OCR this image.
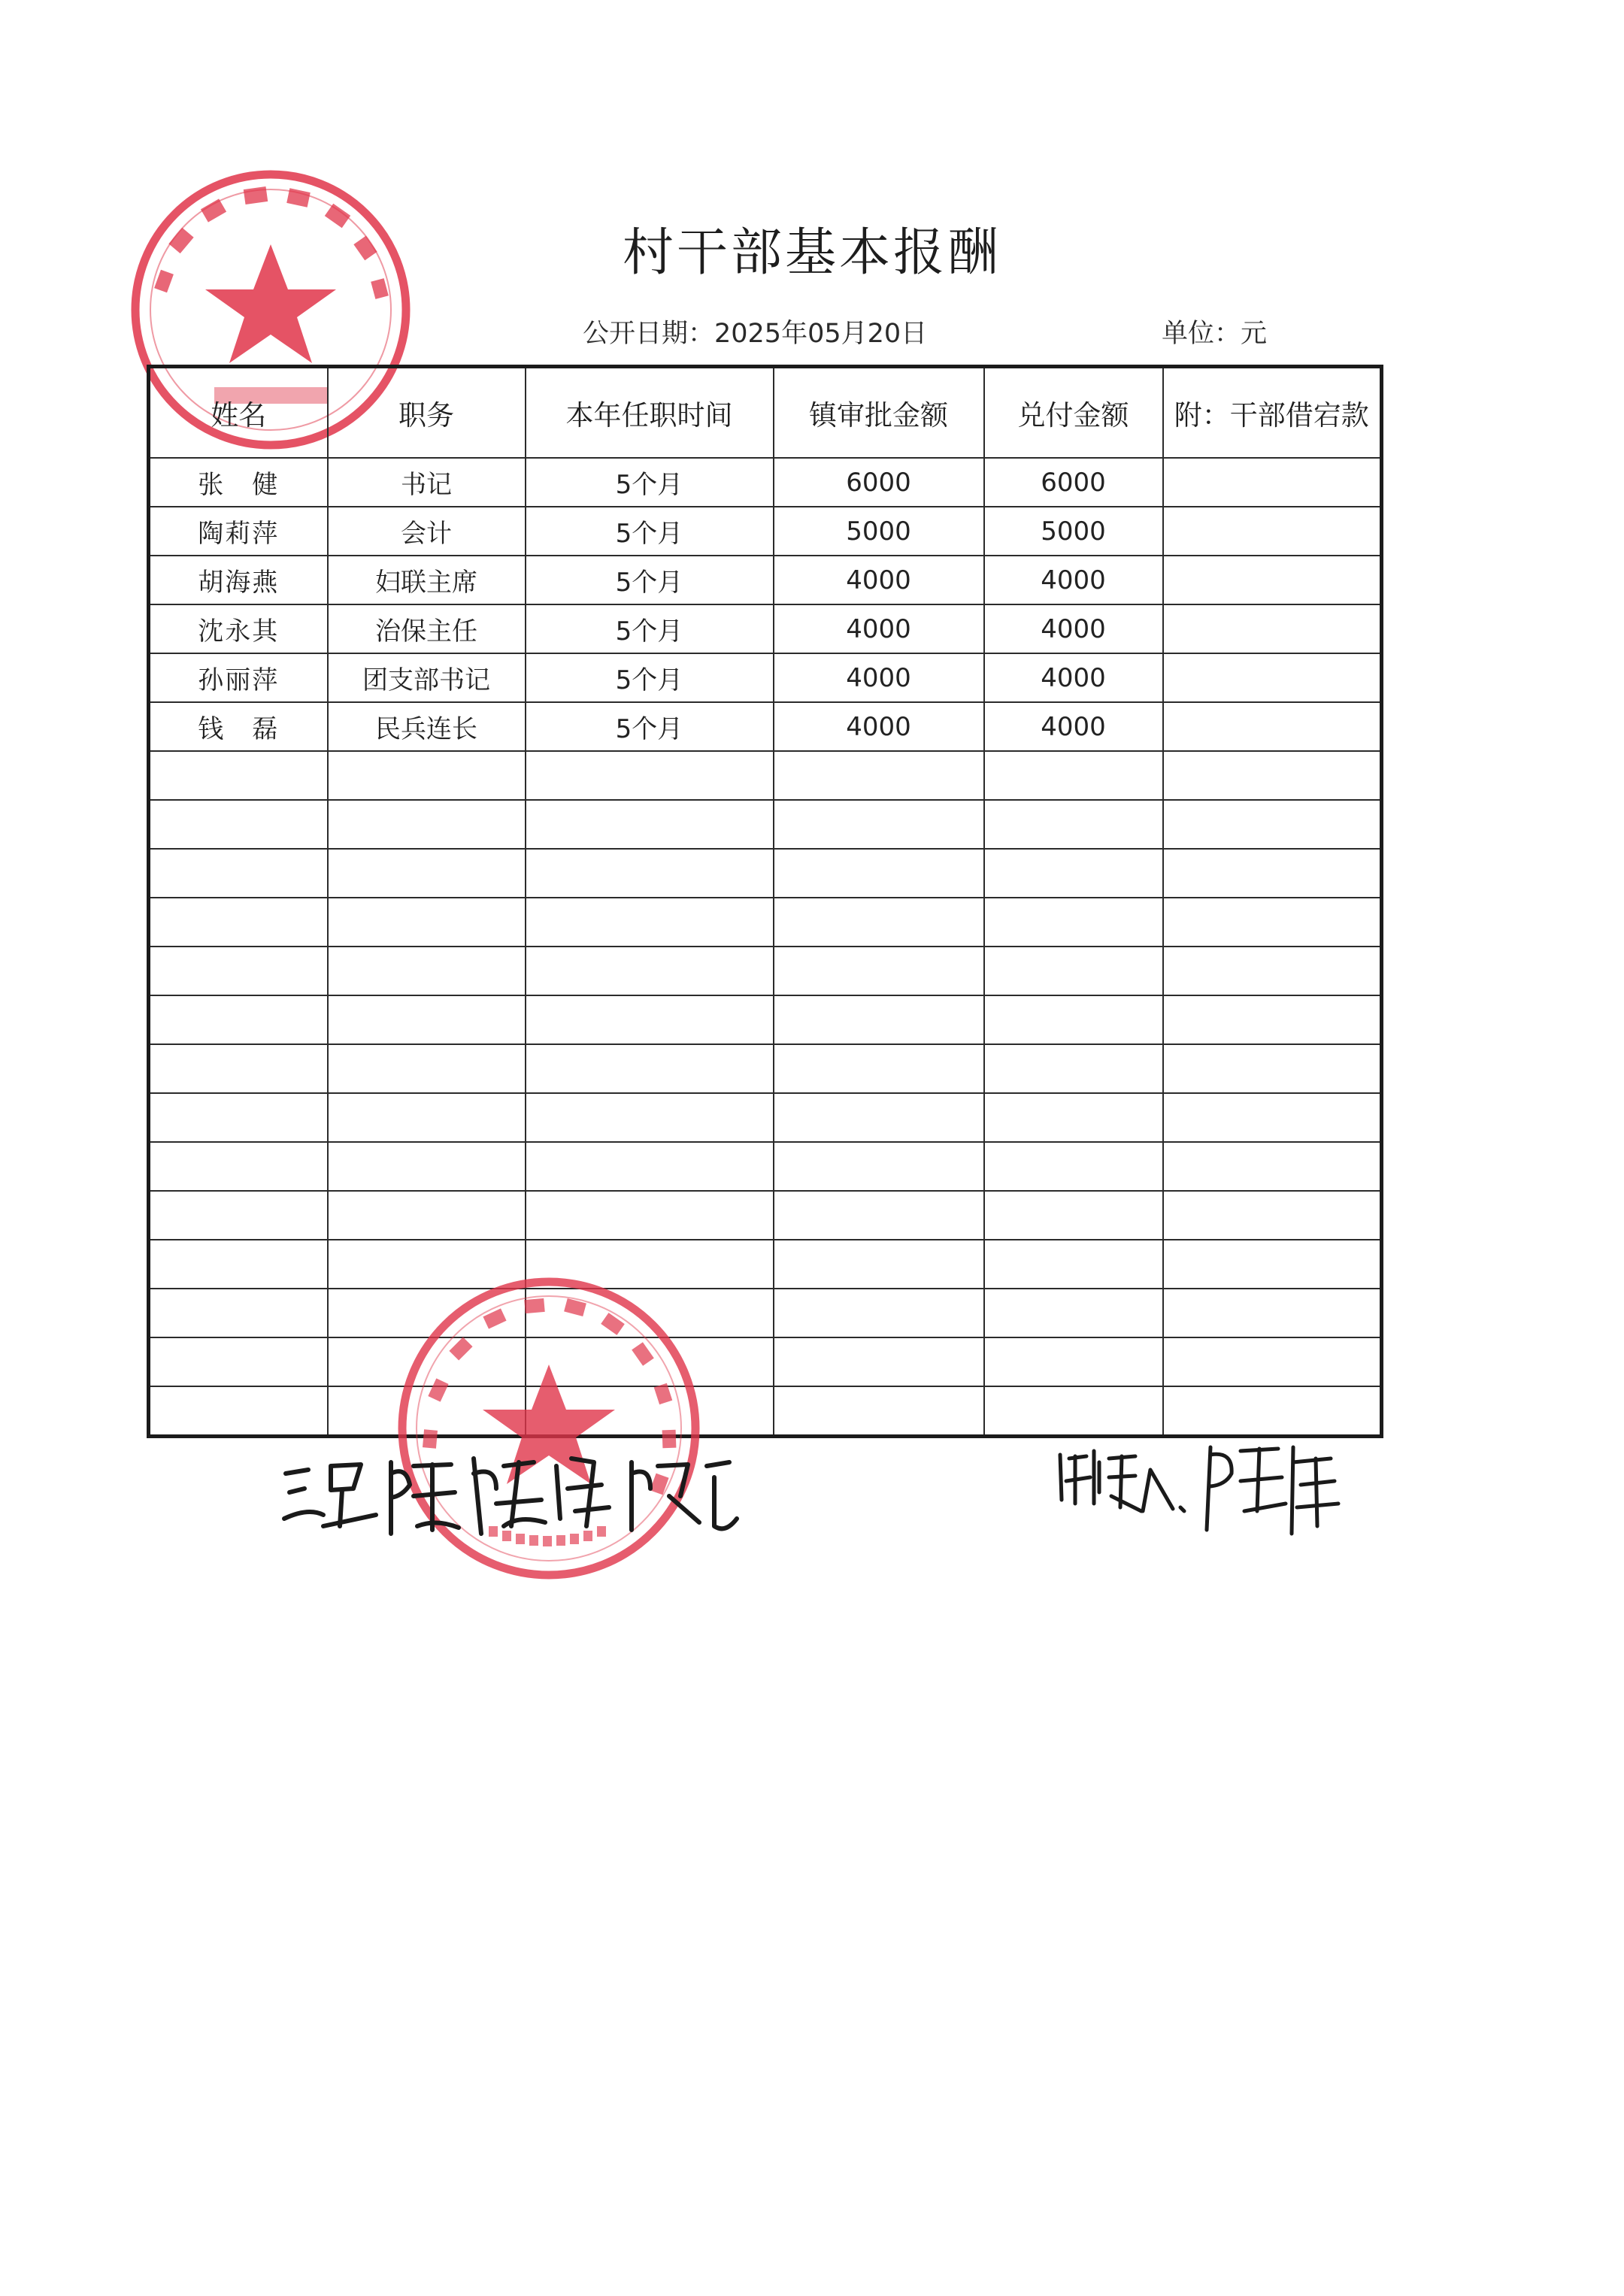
村干部基本报酬
公开日期：2025年05月20日	单位：元
姓名	职务	本年任职时间	镇审批金额	兑付金额	附：干部借宕款
张　健	书记	5个月	6000	6000	
陶莉萍	会计	5个月	5000	5000	
胡海燕	妇联主席	5个月	4000	4000	
沈永其	治保主任	5个月	4000	4000	
孙丽萍	团支部书记	5个月	4000	4000	
钱　磊	民兵连长	5个月	4000	4000	
